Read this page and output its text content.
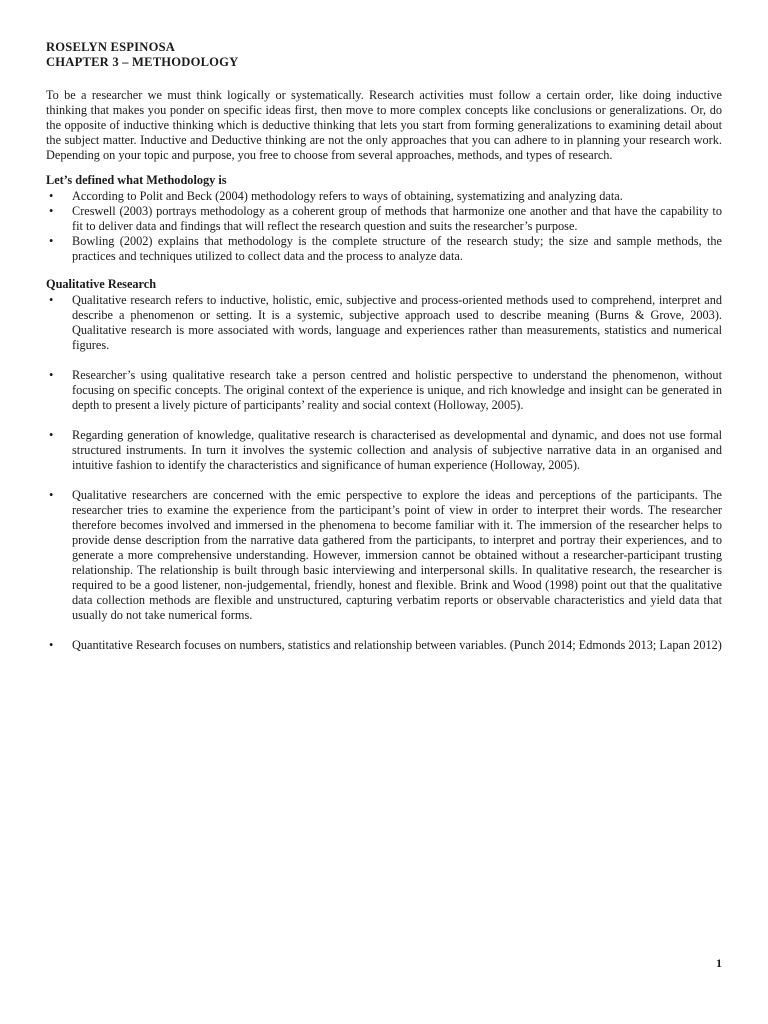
ROSELYN ESPINOSA

CHAPTER 3 – METHODOLOGY

To be a researcher we must think logically or systematically. Research activities must follow a certain order, like doing inductive thinking that makes you ponder on specific ideas first, then move to more complex concepts like conclusions or generalizations. Or, do the opposite of inductive thinking which is deductive thinking that lets you start from forming generalizations to examining detail about the subject matter. Inductive and Deductive thinking are not the only approaches that you can adhere to in planning your research work. Depending on your topic and purpose, you free to choose from several approaches, methods, and types of research.

Let’s defined what Methodology is

• According to Polit and Beck (2004) methodology refers to ways of obtaining, systematizing and analyzing data.
• Creswell (2003) portrays methodology as a coherent group of methods that harmonize one another and that have the capability to fit to deliver data and findings that will reflect the research question and suits the researcher’s purpose.
• Bowling (2002) explains that methodology is the complete structure of the research study; the size and sample methods, the practices and techniques utilized to collect data and the process to analyze data.

Qualitative Research

• Qualitative research refers to inductive, holistic, emic, subjective and process-oriented methods used to comprehend, interpret and describe a phenomenon or setting. It is a systemic, subjective approach used to describe meaning (Burns & Grove, 2003). Qualitative research is more associated with words, language and experiences rather than measurements, statistics and numerical figures.
• Researcher’s using qualitative research take a person centred and holistic perspective to understand the phenomenon, without focusing on specific concepts. The original context of the experience is unique, and rich knowledge and insight can be generated in depth to present a lively picture of participants’ reality and social context (Holloway, 2005).
• Regarding generation of knowledge, qualitative research is characterised as developmental and dynamic, and does not use formal structured instruments. In turn it involves the systemic collection and analysis of subjective narrative data in an organised and intuitive fashion to identify the characteristics and significance of human experience (Holloway, 2005).
• Qualitative researchers are concerned with the emic perspective to explore the ideas and perceptions of the participants. The researcher tries to examine the experience from the participant’s point of view in order to interpret their words. The researcher therefore becomes involved and immersed in the phenomena to become familiar with it. The immersion of the researcher helps to provide dense description from the narrative data gathered from the participants, to interpret and portray their experiences, and to generate a more comprehensive understanding. However, immersion cannot be obtained without a researcher-participant trusting relationship. The relationship is built through basic interviewing and interpersonal skills. In qualitative research, the researcher is required to be a good listener, non-judgemental, friendly, honest and flexible. Brink and Wood (1998) point out that the qualitative data collection methods are flexible and unstructured, capturing verbatim reports or observable characteristics and yield data that usually do not take numerical forms.
• Quantitative Research focuses on numbers, statistics and relationship between variables. (Punch 2014; Edmonds 2013; Lapan 2012)
1
